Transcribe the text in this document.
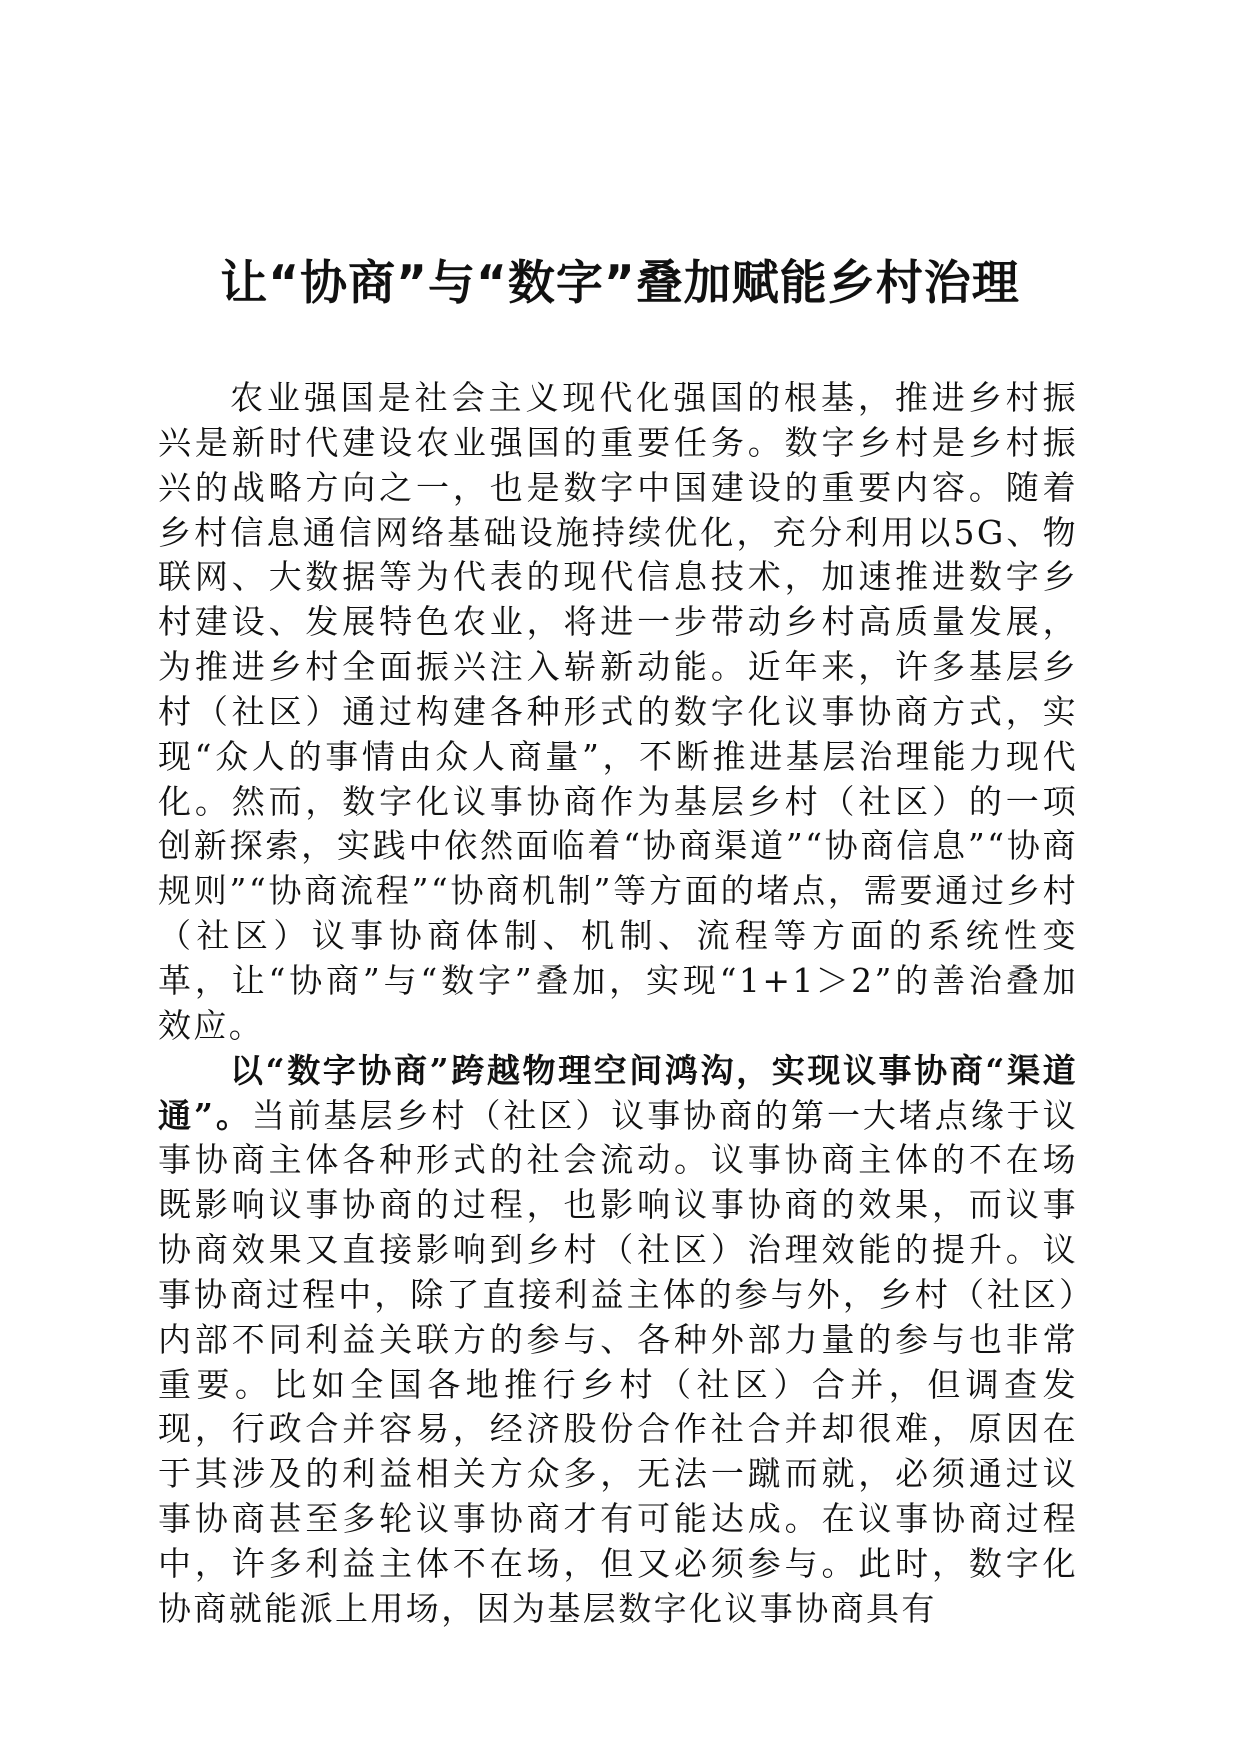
让“协商”与“数字”叠加赋能乡村治理

农业强国是社会主义现代化强国的根基，推进乡村振兴是新时代建设农业强国的重要任务。数字乡村是乡村振兴的战略方向之一，也是数字中国建设的重要内容。随着乡村信息通信网络基础设施持续优化，充分利用以5G、物联网、大数据等为代表的现代信息技术，加速推进数字乡村建设、发展特色农业，将进一步带动乡村高质量发展，为推进乡村全面振兴注入崭新动能。近年来，许多基层乡村（社区）通过构建各种形式的数字化议事协商方式，实现“众人的事情由众人商量”，不断推进基层治理能力现代化。然而，数字化议事协商作为基层乡村（社区）的一项创新探索，实践中依然面临着“协商渠道”“协商信息”“协商规则”“协商流程”“协商机制”等方面的堵点，需要通过乡村（社区）议事协商体制、机制、流程等方面的系统性变革，让“协商”与“数字”叠加，实现“1+1＞2”的善治叠加效应。

以“数字协商”跨越物理空间鸿沟，实现议事协商“渠道通”。当前基层乡村（社区）议事协商的第一大堵点缘于议事协商主体各种形式的社会流动。议事协商主体的不在场既影响议事协商的过程，也影响议事协商的效果，而议事协商效果又直接影响到乡村（社区）治理效能的提升。议事协商过程中，除了直接利益主体的参与外，乡村（社区）内部不同利益关联方的参与、各种外部力量的参与也非常重要。比如全国各地推行乡村（社区）合并，但调查发现，行政合并容易，经济股份合作社合并却很难，原因在于其涉及的利益相关方众多，无法一蹴而就，必须通过议事协商甚至多轮议事协商才有可能达成。在议事协商过程中，许多利益主体不在场，但又必须参与。此时，数字化协商就能派上用场，因为基层数字化议事协商具有
